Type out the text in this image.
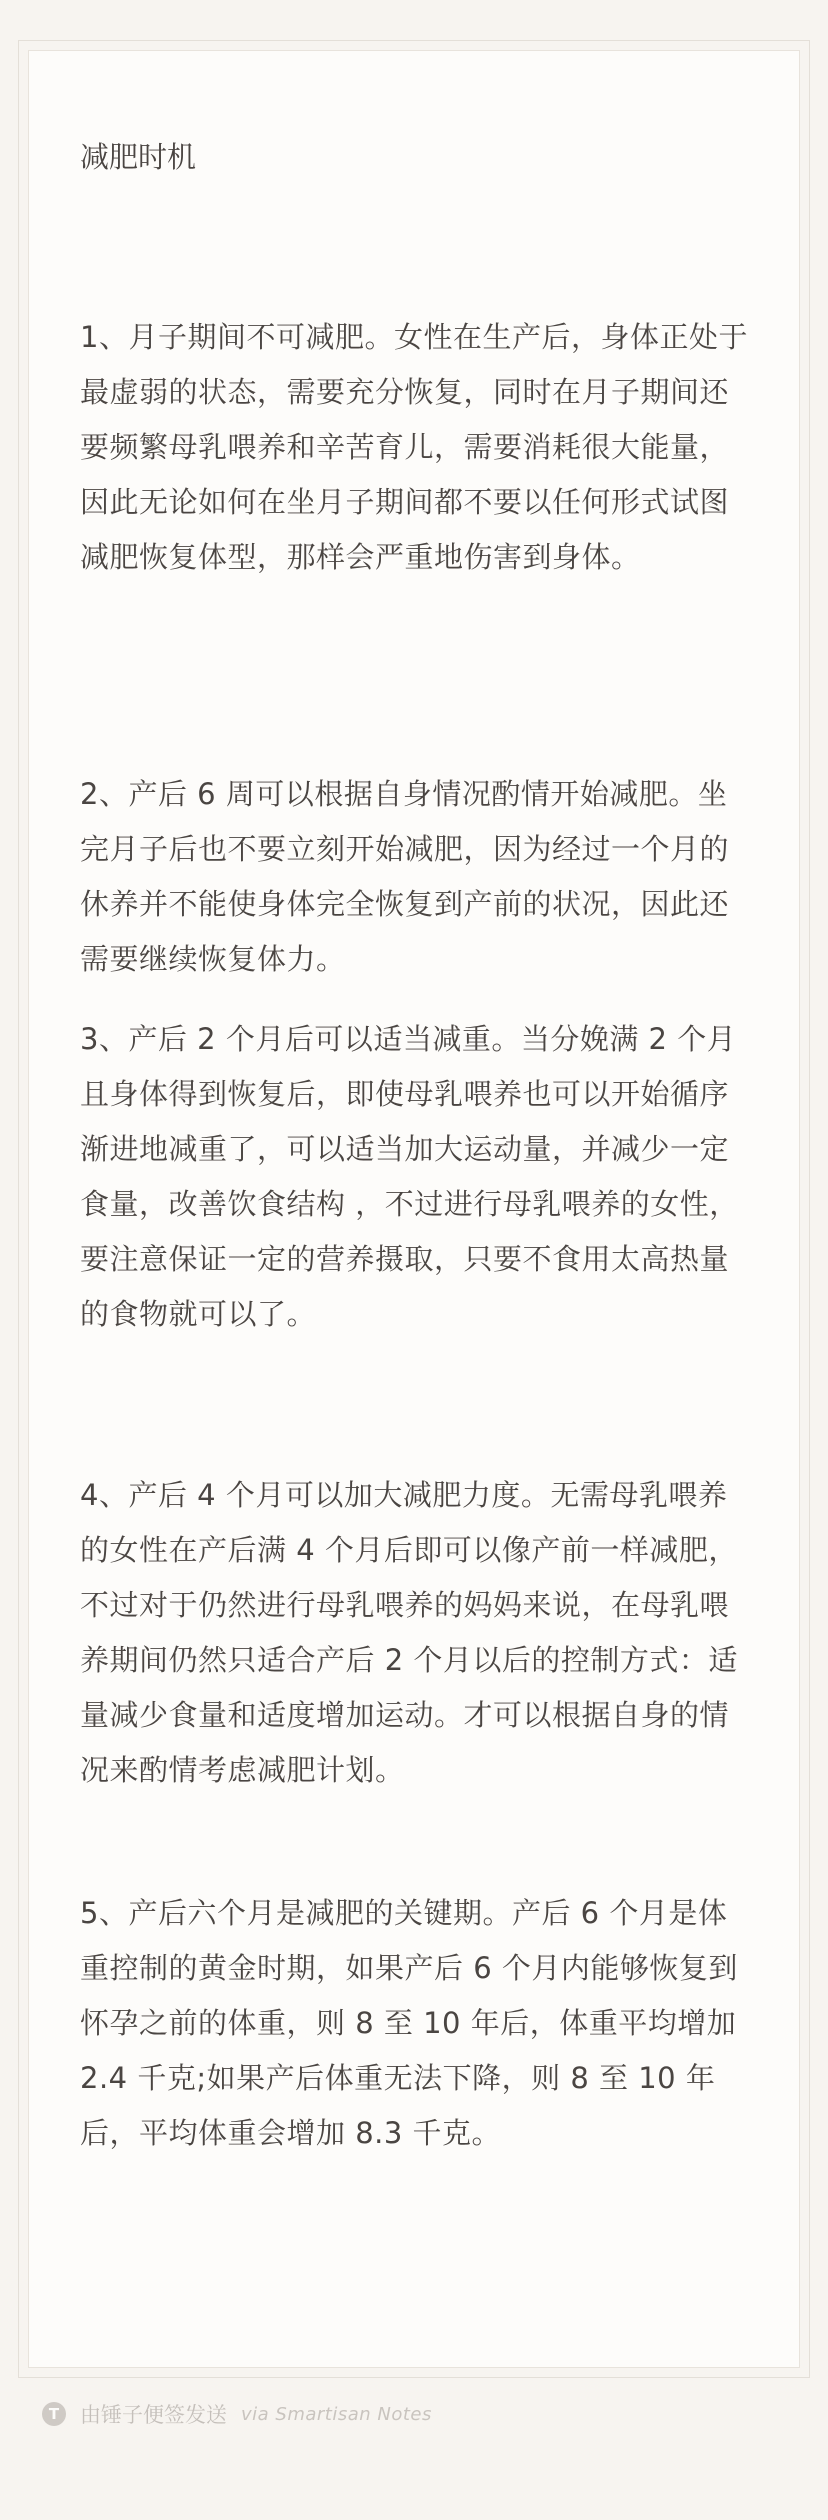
减肥时机

1、月子期间不可减肥。女性在生产后，身体正处于最虚弱的状态，需要充分恢复，同时在月子期间还要频繁母乳喂养和辛苦育儿，需要消耗很大能量，因此无论如何在坐月子期间都不要以任何形式试图减肥恢复体型，那样会严重地伤害到身体。

2、产后 6 周可以根据自身情况酌情开始减肥。坐完月子后也不要立刻开始减肥，因为经过一个月的休养并不能使身体完全恢复到产前的状况，因此还需要继续恢复体力。

3、产后 2 个月后可以适当减重。当分娩满 2 个月且身体得到恢复后，即使母乳喂养也可以开始循序渐进地减重了，可以适当加大运动量，并减少一定食量，改善饮食结构 ，不过进行母乳喂养的女性，要注意保证一定的营养摄取，只要不食用太高热量的食物就可以了。

4、产后 4 个月可以加大减肥力度。无需母乳喂养的女性在产后满 4 个月后即可以像产前一样减肥，不过对于仍然进行母乳喂养的妈妈来说，在母乳喂养期间仍然只适合产后 2 个月以后的控制方式：适量减少食量和适度增加运动。才可以根据自身的情况来酌情考虑减肥计划。

5、产后六个月是减肥的关键期。产后 6 个月是体重控制的黄金时期，如果产后 6 个月内能够恢复到怀孕之前的体重，则 8 至 10 年后，体重平均增加 2.4 千克;如果产后体重无法下降，则 8 至 10 年后，平均体重会增加 8.3 千克。

T 由锤子便签发送 via Smartisan Notes
